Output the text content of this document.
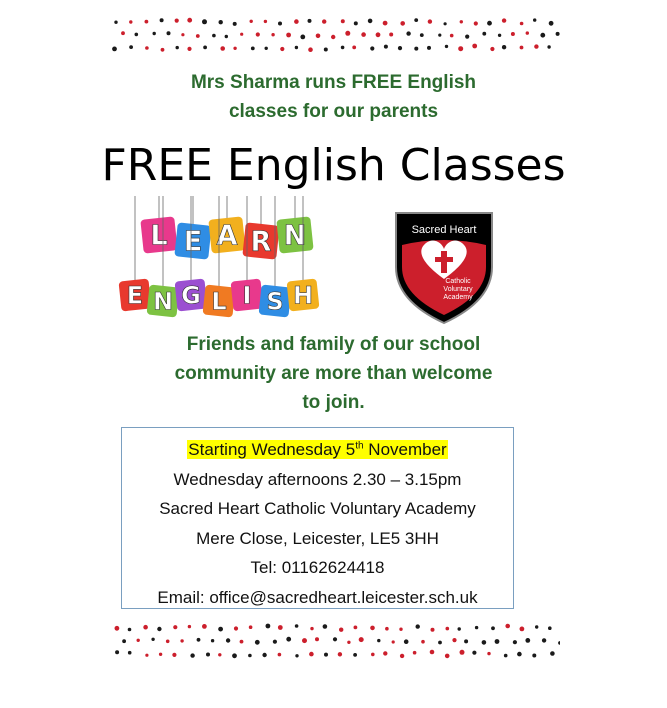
Mrs Sharma runs FREE English
classes for our parents
FREE English Classes
L E A R N
E N G L I S H
Sacred Heart
Catholic
Voluntary
Academy
Friends and family of our school
community are more than welcome
to join.
Starting Wednesday 5th November
Wednesday afternoons 2.30 – 3.15pm
Sacred Heart Catholic Voluntary Academy
Mere Close, Leicester, LE5 3HH
Tel: 01162624418
Email: office@sacredheart.leicester.sch.uk
